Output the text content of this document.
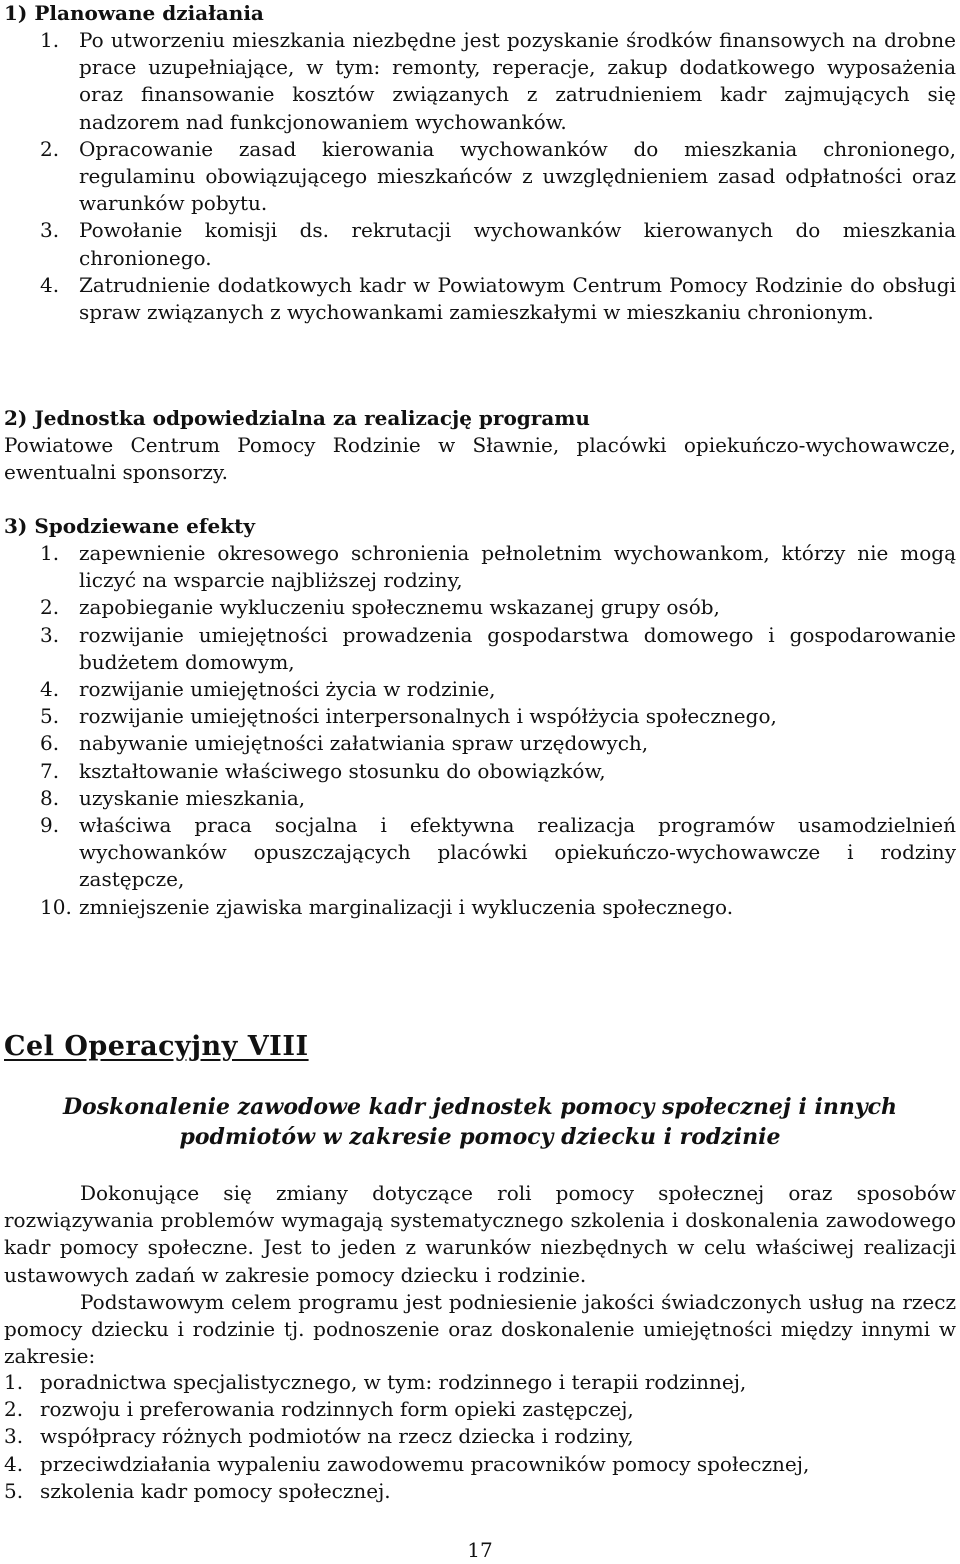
1) Planowane działania

1. Po utworzeniu mieszkania niezbędne jest pozyskanie środków finansowych na drobne prace uzupełniające, w tym: remonty, reperacje, zakup dodatkowego wyposażenia oraz finansowanie kosztów związanych z zatrudnieniem kadr zajmujących się nadzorem nad funkcjonowaniem wychowanków.
2. Opracowanie zasad kierowania wychowanków do mieszkania chronionego, regulaminu obowiązującego mieszkańców z uwzględnieniem zasad odpłatności oraz warunków pobytu.
3. Powołanie komisji ds. rekrutacji wychowanków kierowanych do mieszkania chronionego.
4. Zatrudnienie dodatkowych kadr w Powiatowym Centrum Pomocy Rodzinie do obsługi spraw związanych z wychowankami zamieszkałymi w mieszkaniu chronionym.

2) Jednostka odpowiedzialna za realizację programu

Powiatowe Centrum Pomocy Rodzinie w Sławnie, placówki opiekuńczo-wychowawcze, ewentualni sponsorzy.

3) Spodziewane efekty

1. zapewnienie okresowego schronienia pełnoletnim wychowankom, którzy nie mogą liczyć na wsparcie najbliższej rodziny,
2. zapobieganie wykluczeniu społecznemu wskazanej grupy osób,
3. rozwijanie umiejętności prowadzenia gospodarstwa domowego i gospodarowanie budżetem domowym,
4. rozwijanie umiejętności życia w rodzinie,
5. rozwijanie umiejętności interpersonalnych i współżycia społecznego,
6. nabywanie umiejętności załatwiania spraw urzędowych,
7. kształtowanie właściwego stosunku do obowiązków,
8. uzyskanie mieszkania,
9. właściwa praca socjalna i efektywna realizacja programów usamodzielnień wychowanków opuszczających placówki opiekuńczo-wychowawcze i rodziny zastępcze,
10. zmniejszenie zjawiska marginalizacji i wykluczenia społecznego.
Cel Operacyjny VIII
Doskonalenie zawodowe kadr jednostek pomocy społecznej i innych
podmiotów w zakresie pomocy dziecku i rodzinie

Dokonujące się zmiany dotyczące roli pomocy społecznej oraz sposobów rozwiązywania problemów wymagają systematycznego szkolenia i doskonalenia zawodowego kadr pomocy społeczne. Jest to jeden z warunków niezbędnych w celu właściwej realizacji ustawowych zadań w zakresie pomocy dziecku i rodzinie.

Podstawowym celem programu jest podniesienie jakości świadczonych usług na rzecz pomocy dziecku i rodzinie tj. podnoszenie oraz doskonalenie umiejętności między innymi w zakresie:

1. poradnictwa specjalistycznego, w tym: rodzinnego i terapii rodzinnej,
2. rozwoju i preferowania rodzinnych form opieki zastępczej,
3. współpracy różnych podmiotów na rzecz dziecka i rodziny,
4. przeciwdziałania wypaleniu zawodowemu pracowników pomocy społecznej,
5. szkolenia kadr pomocy społecznej.
17
